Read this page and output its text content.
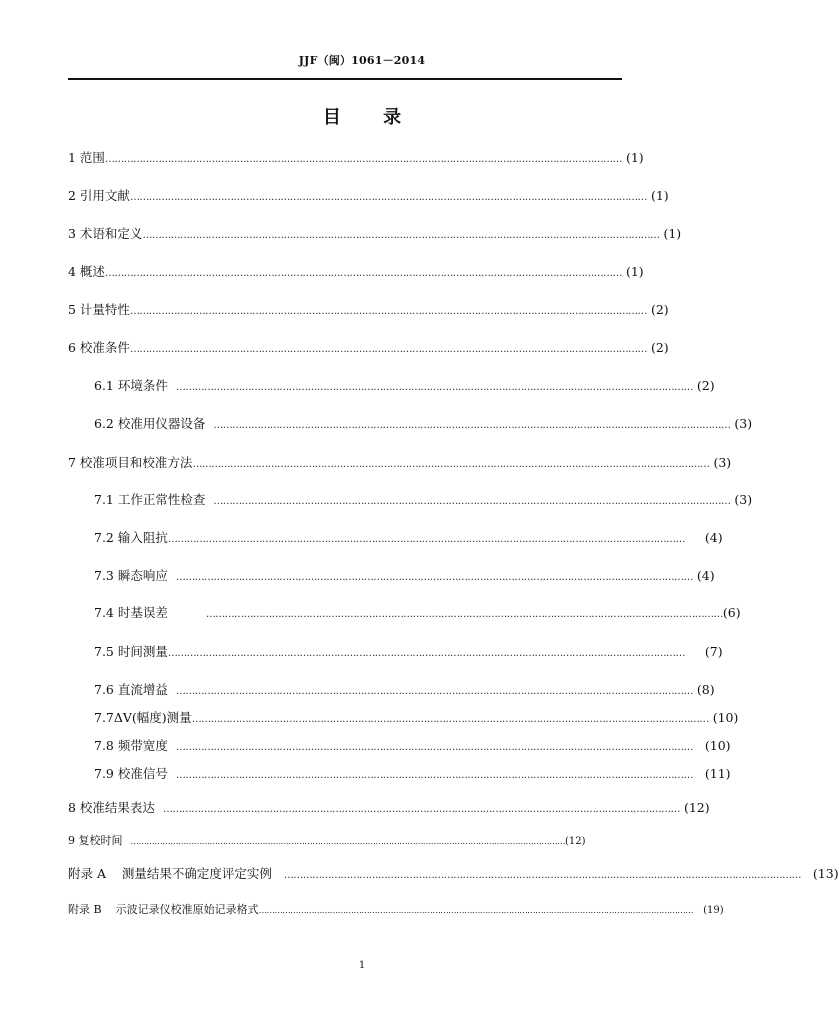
JJF（闽）1061－2014
目 录
1 范围 ………………………………………………………………………………………………………………………………………………… (1)
2 引用文献 ………………………………………………………………………………………………………………………………………………… (1)
3 术语和定义 ………………………………………………………………………………………………………………………………………………… (1)
4 概述 ………………………………………………………………………………………………………………………………………………… (1)
5 计量特性 ………………………………………………………………………………………………………………………………………………… (2)
6 校准条件 ………………………………………………………………………………………………………………………………………………… (2)
6.1 环境条件 ………………………………………………………………………………………………………………………………………………… (2)
6.2 校准用仪器设备 ………………………………………………………………………………………………………………………………………………… (3)
7 校准项目和校准方法 ………………………………………………………………………………………………………………………………………………… (3)
7.1 工作正常性检查 ………………………………………………………………………………………………………………………………………………… (3)
7.2 输入阻抗 …………………………………………………………………………………………………………………………………………………	(4)
7.3 瞬态响应 ………………………………………………………………………………………………………………………………………………… (4)
7.4 时基误差	………………………………………………………………………………………………………………………………………………… (6)
7.5 时间测量 …………………………………………………………………………………………………………………………………………………	(7)
7.6 直流增益 ………………………………………………………………………………………………………………………………………………… (8)
7.7ΔV(幅度)测量 ………………………………………………………………………………………………………………………………………………… (10)
7.8 频带宽度 ………………………………………………………………………………………………………………………………………………… (10)
7.9 校准信号 ………………………………………………………………………………………………………………………………………………… (11)
8 校准结果表达 ………………………………………………………………………………………………………………………………………………… (12)
9 复校时间 ………………………………………………………………………………………………………………………………………………… (12)
附录 A    测量结果不确定度评定实例 ………………………………………………………………………………………………………………………………………………… (13)
附录 B    示波记录仪校准原始记录格式 …………………………………………………………………………………………………………………………………………………	(19)
1
